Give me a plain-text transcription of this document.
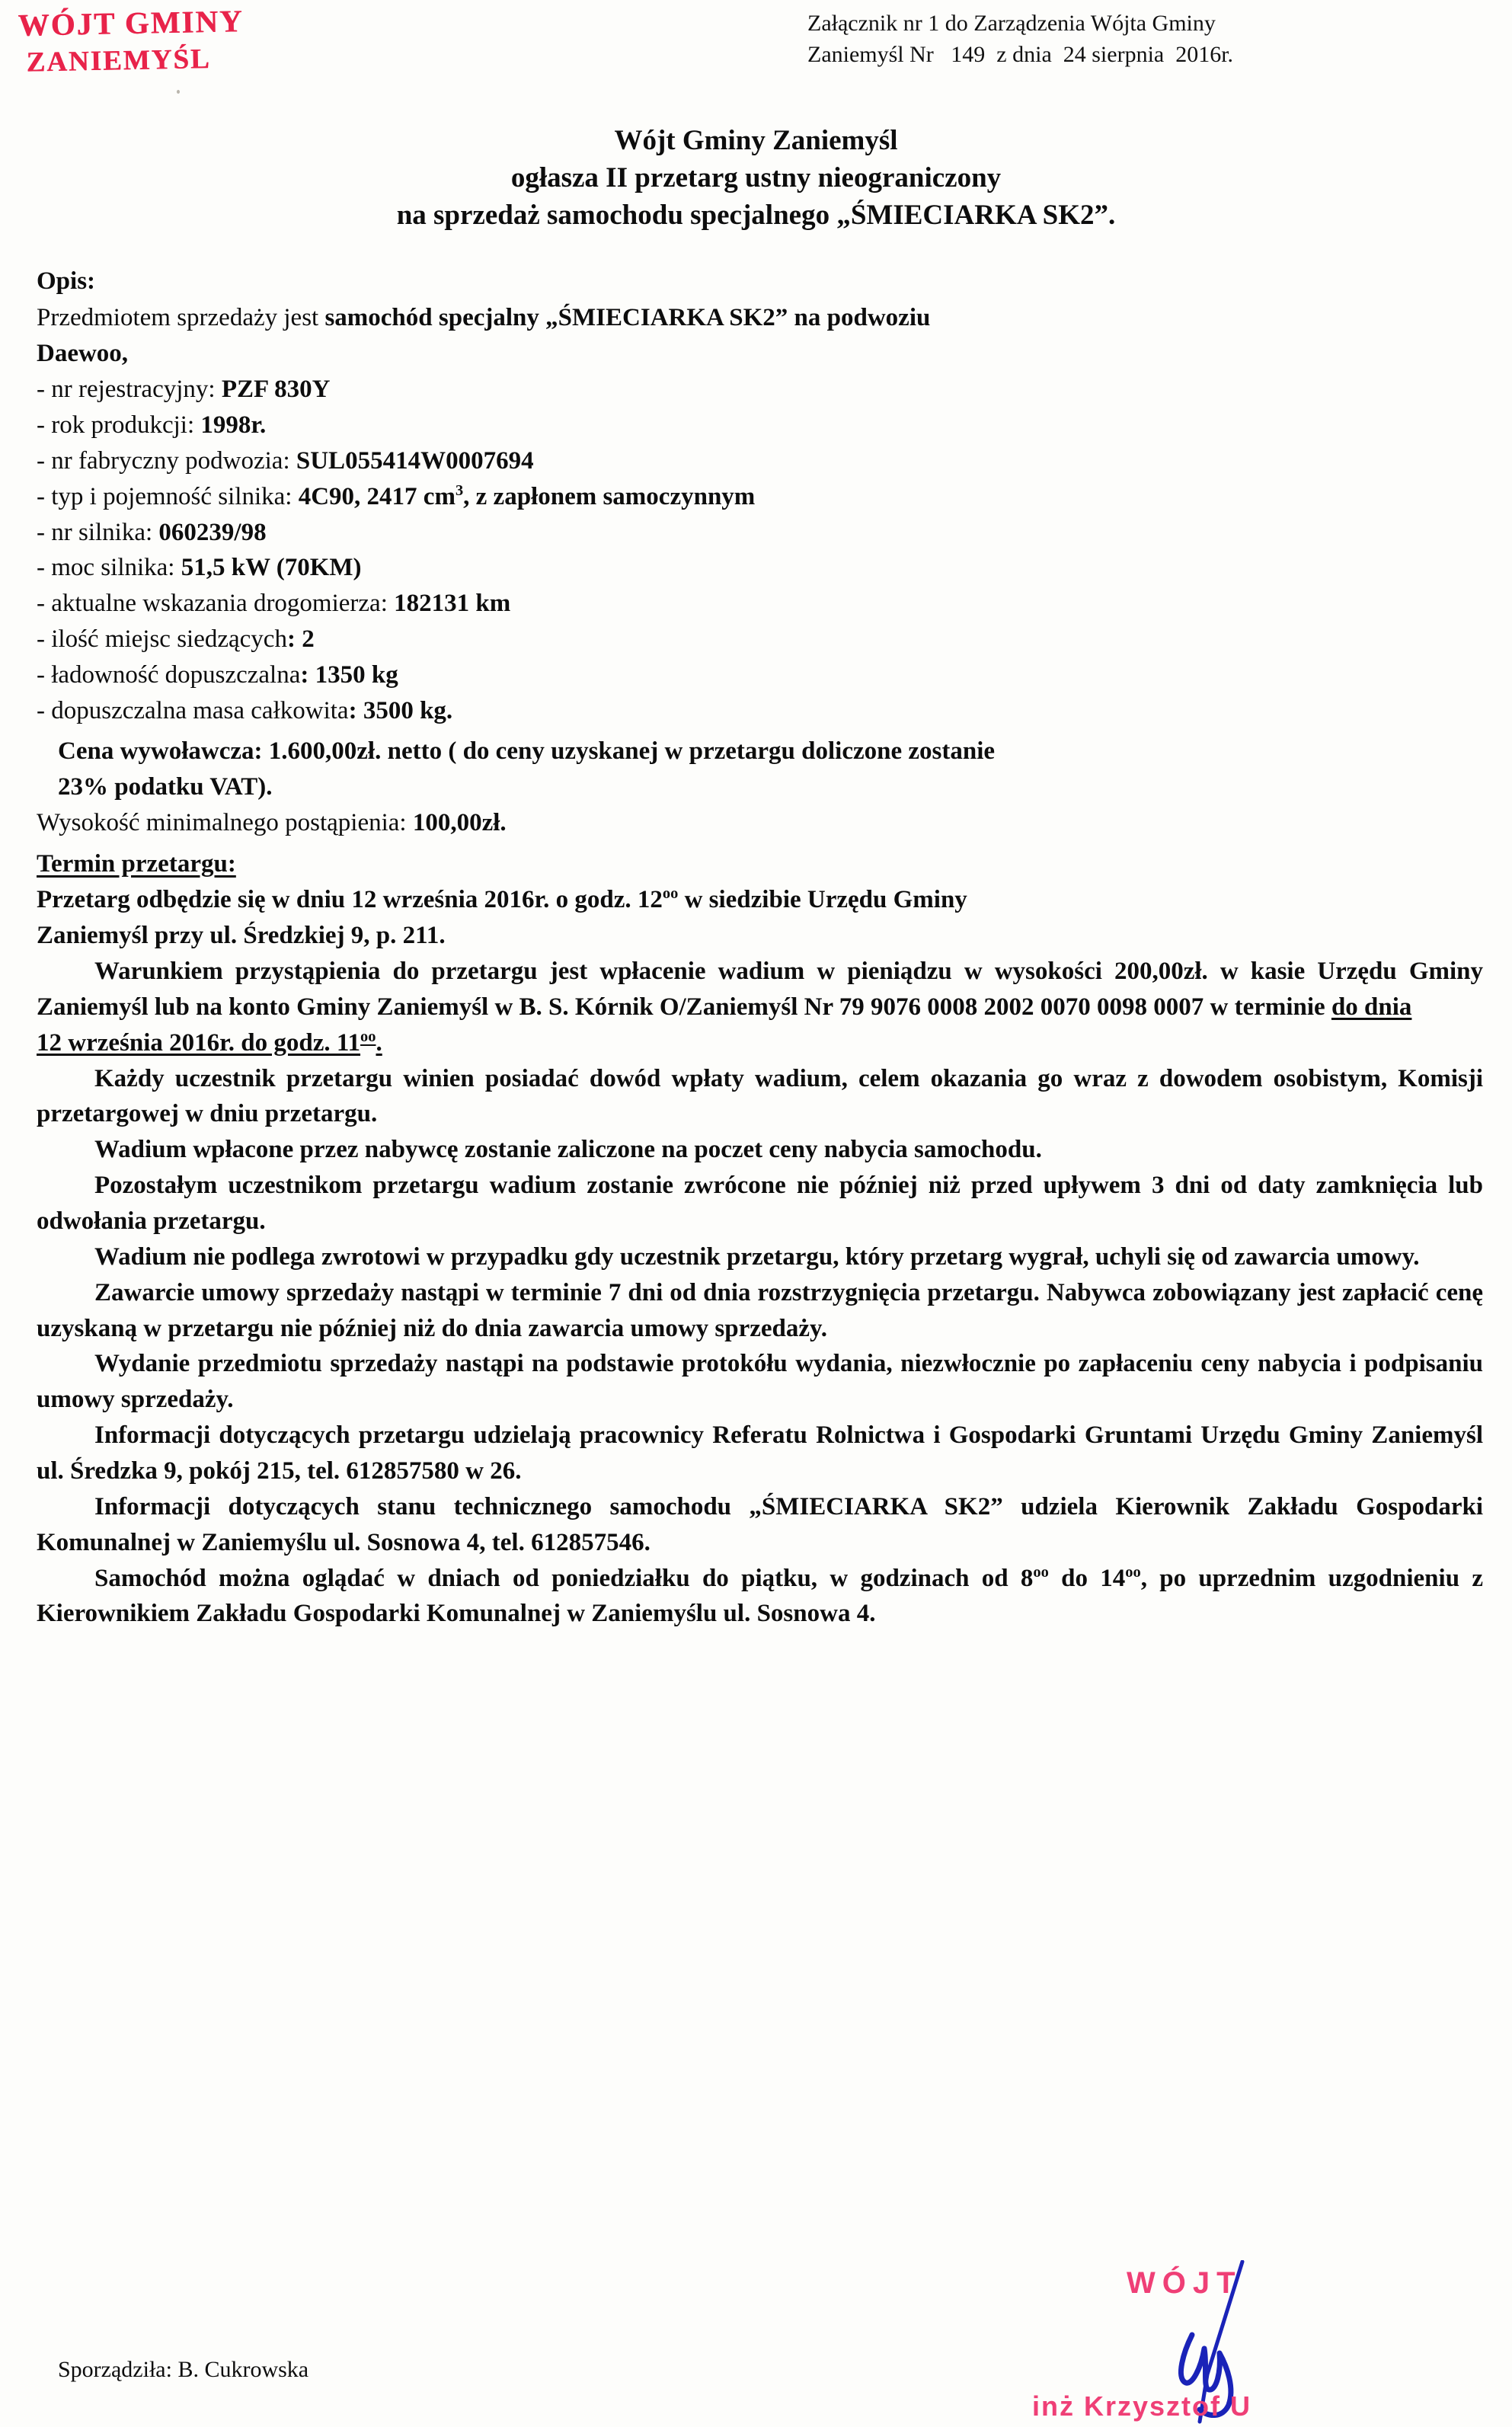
WÓJT GMINY
ZANIEMYŚL
Załącznik nr 1 do Zarządzenia Wójta Gminy
Zaniemyśl Nr   149  z dnia  24 sierpnia  2016r.
Wójt Gminy Zaniemyśl
ogłasza II przetarg ustny nieograniczony
na sprzedaż samochodu specjalnego „ŚMIECIARKA SK2”.
Opis:
Przedmiotem sprzedaży jest samochód specjalny „ŚMIECIARKA SK2” na podwoziu
Daewoo,
- nr rejestracyjny: PZF 830Y
- rok produkcji: 1998r.
- nr fabryczny podwozia: SUL055414W0007694
- typ i pojemność silnika: 4C90, 2417 $cm^3$, z zapłonem samoczynnym
- nr silnika: 060239/98
- moc silnika: 51,5 kW (70KM)
- aktualne wskazania drogomierza: 182131 km
- ilość miejsc siedzących: 2
- ładowność dopuszczalna: 1350 kg
- dopuszczalna masa całkowita: 3500 kg.
Cena wywoławcza: 1.600,00zł. netto ( do ceny uzyskanej w przetargu doliczone zostanie
23% podatku VAT).
Wysokość minimalnego postąpienia: 100,00zł.
Termin przetargu:
Przetarg odbędzie się w dniu 12 września 2016r. o godz. $12^{oo}$ w siedzibie Urzędu Gminy
Zaniemyśl przy ul. Średzkiej 9, p. 211.
Warunkiem przystąpienia do przetargu jest wpłacenie wadium w pieniądzu w wysokości 200,00zł. w kasie Urzędu Gminy Zaniemyśl lub na konto Gminy Zaniemyśl w B. S. Kórnik O/Zaniemyśl Nr 79 9076 0008 2002 0070 0098 0007 w terminie do dnia
12 września 2016r. do godz. $11^{oo}$.

Każdy uczestnik przetargu winien posiadać dowód wpłaty wadium, celem okazania go wraz z dowodem osobistym, Komisji przetargowej w dniu przetargu.

Wadium wpłacone przez nabywcę zostanie zaliczone na poczet ceny nabycia samochodu.

Pozostałym uczestnikom przetargu wadium zostanie zwrócone nie później niż przed upływem 3 dni od daty zamknięcia lub odwołania przetargu.

Wadium nie podlega zwrotowi w przypadku gdy uczestnik przetargu, który przetarg wygrał, uchyli się od zawarcia umowy.

Zawarcie umowy sprzedaży nastąpi w terminie 7 dni od dnia rozstrzygnięcia przetargu. Nabywca zobowiązany jest zapłacić cenę uzyskaną w przetargu nie później niż do dnia zawarcia umowy sprzedaży.

Wydanie przedmiotu sprzedaży nastąpi na podstawie protokółu wydania, niezwłocznie po zapłaceniu ceny nabycia i podpisaniu umowy sprzedaży.

Informacji dotyczących przetargu udzielają pracownicy Referatu Rolnictwa i Gospodarki Gruntami Urzędu Gminy Zaniemyśl ul. Średzka 9, pokój 215, tel. 612857580 w 26.

Informacji dotyczących stanu technicznego samochodu „ŚMIECIARKA SK2” udziela Kierownik Zakładu Gospodarki Komunalnej w Zaniemyślu ul. Sosnowa 4, tel. 612857546.

Samochód można oglądać w dniach od poniedziałku do piątku, w godzinach od $8^{oo}$ do $14^{oo}$, po uprzednim uzgodnieniu z Kierownikiem Zakładu Gospodarki Komunalnej w Zaniemyślu ul. Sosnowa 4.

Sporządziła: B. Cukrowska
WÓJT
inż Krzysztof U
